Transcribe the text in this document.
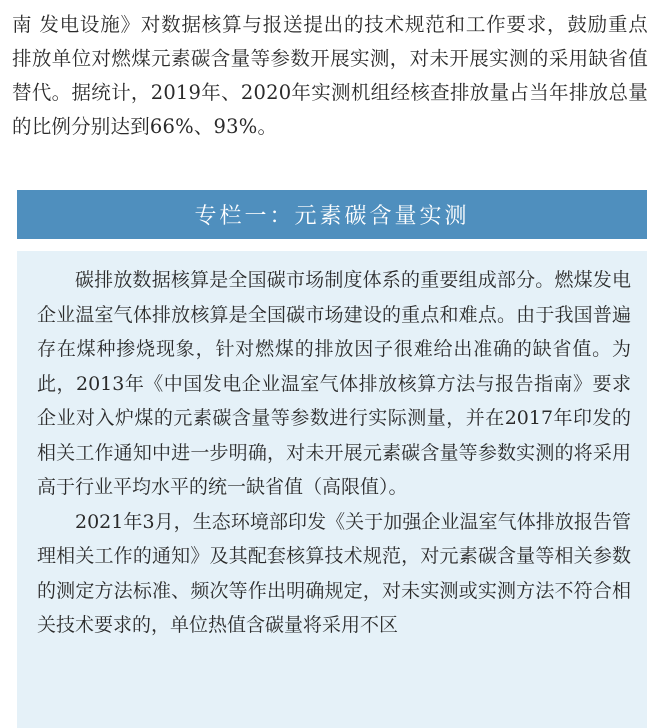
南 发电设施》对数据核算与报送提出的技术规范和工作要求，鼓励重点排放单位对燃煤元素碳含量等参数开展实测，对未开展实测的采用缺省值替代。据统计，2019年、2020年实测机组经核查排放量占当年排放总量的比例分别达到66%、93%。
专栏一：元素碳含量实测

碳排放数据核算是全国碳市场制度体系的重要组成部分。燃煤发电企业温室气体排放核算是全国碳市场建设的重点和难点。由于我国普遍存在煤种掺烧现象，针对燃煤的排放因子很难给出准确的缺省值。为此，2013年《中国发电企业温室气体排放核算方法与报告指南》要求企业对入炉煤的元素碳含量等参数进行实际测量，并在2017年印发的相关工作通知中进一步明确，对未开展元素碳含量等参数实测的将采用高于行业平均水平的统一缺省值（高限值）。

2021年3月，生态环境部印发《关于加强企业温室气体排放报告管理相关工作的通知》及其配套核算技术规范，对元素碳含量等相关参数的测定方法标准、频次等作出明确规定，对未实测或实测方法不符合相关技术要求的，单位热值含碳量将采用不区
